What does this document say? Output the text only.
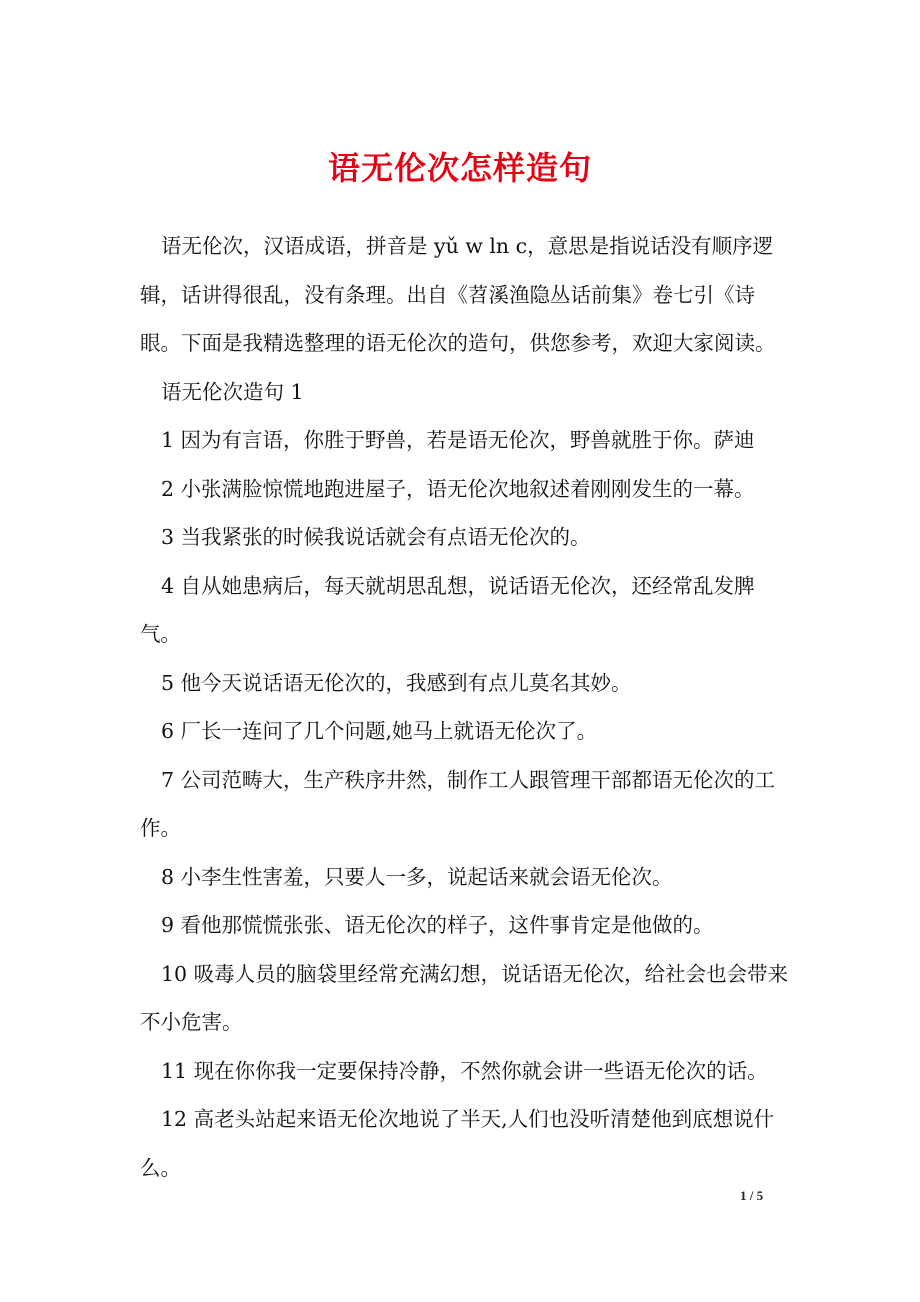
语无伦次怎样造句

语无伦次，汉语成语，拼音是 yǔ w ln c，意思是指说话没有顺序逻辑，话讲得很乱，没有条理。出自《苕溪渔隐丛话前集》卷七引《诗眼。下面是我精选整理的语无伦次的造句，供您参考，欢迎大家阅读。

语无伦次造句 1

1 因为有言语，你胜于野兽，若是语无伦次，野兽就胜于你。萨迪

2 小张满脸惊慌地跑进屋子，语无伦次地叙述着刚刚发生的一幕。

3 当我紧张的时候我说话就会有点语无伦次的。

4 自从她患病后，每天就胡思乱想，说话语无伦次，还经常乱发脾气。

5 他今天说话语无伦次的，我感到有点儿莫名其妙。

6 厂长一连问了几个问题,她马上就语无伦次了。

7 公司范畴大，生产秩序井然，制作工人跟管理干部都语无伦次的工作。

8 小李生性害羞，只要人一多，说起话来就会语无伦次。

9 看他那慌慌张张、语无伦次的样子，这件事肯定是他做的。

10 吸毒人员的脑袋里经常充满幻想，说话语无伦次，给社会也会带来不小危害。

11 现在你你我一定要保持冷静，不然你就会讲一些语无伦次的话。

12 高老头站起来语无伦次地说了半天,人们也没听清楚他到底想说什么。

1 / 5
